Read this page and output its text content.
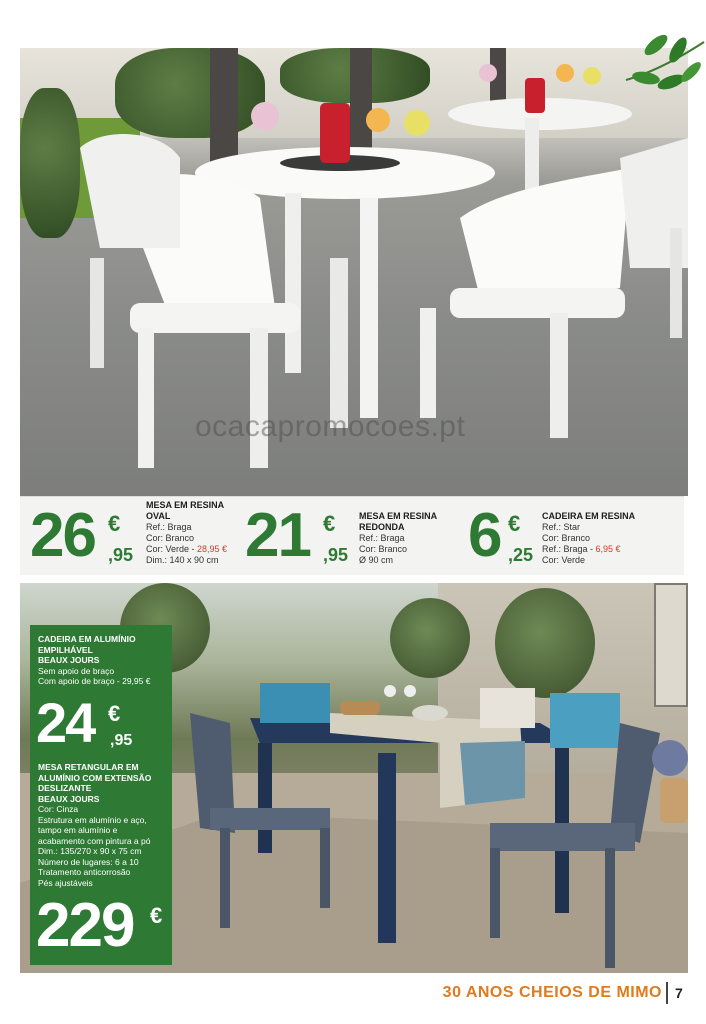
ocacapromocoes.pt
26 €
,95
MESA EM RESINA OVAL
Ref.: Braga
Cor: Branco
Cor: Verde - 28,95 €
Dim.: 140 x 90 cm 21 €
,95
MESA EM RESINA REDONDA
Ref.: Braga
Cor: Branco
Ø 90 cm	6 €
,25
CADEIRA EM RESINA
Ref.: Star
Cor: Branco
Ref.: Braga - 6,95 €
Cor: Verde
CADEIRA EM ALUMÍNIO
EMPILHÁVEL
BEAUX JOURS
Sem apoio de braço
Com apoio de braço - 29,95 €
24 €
,95
MESA RETANGULAR EM
ALUMÍNIO COM EXTENSÃO
DESLIZANTE
BEAUX JOURS
Cor: Cinza
Estrutura em alumínio e aço,
tampo em alumínio e
acabamento com pintura a pó
Dim.: 135/270 x 90 x 75 cm
Número de lugares: 6 a 10
Tratamento anticorrosão
Pés ajustáveis
229 €
30 ANOS CHEIOS DE MIMO 7
